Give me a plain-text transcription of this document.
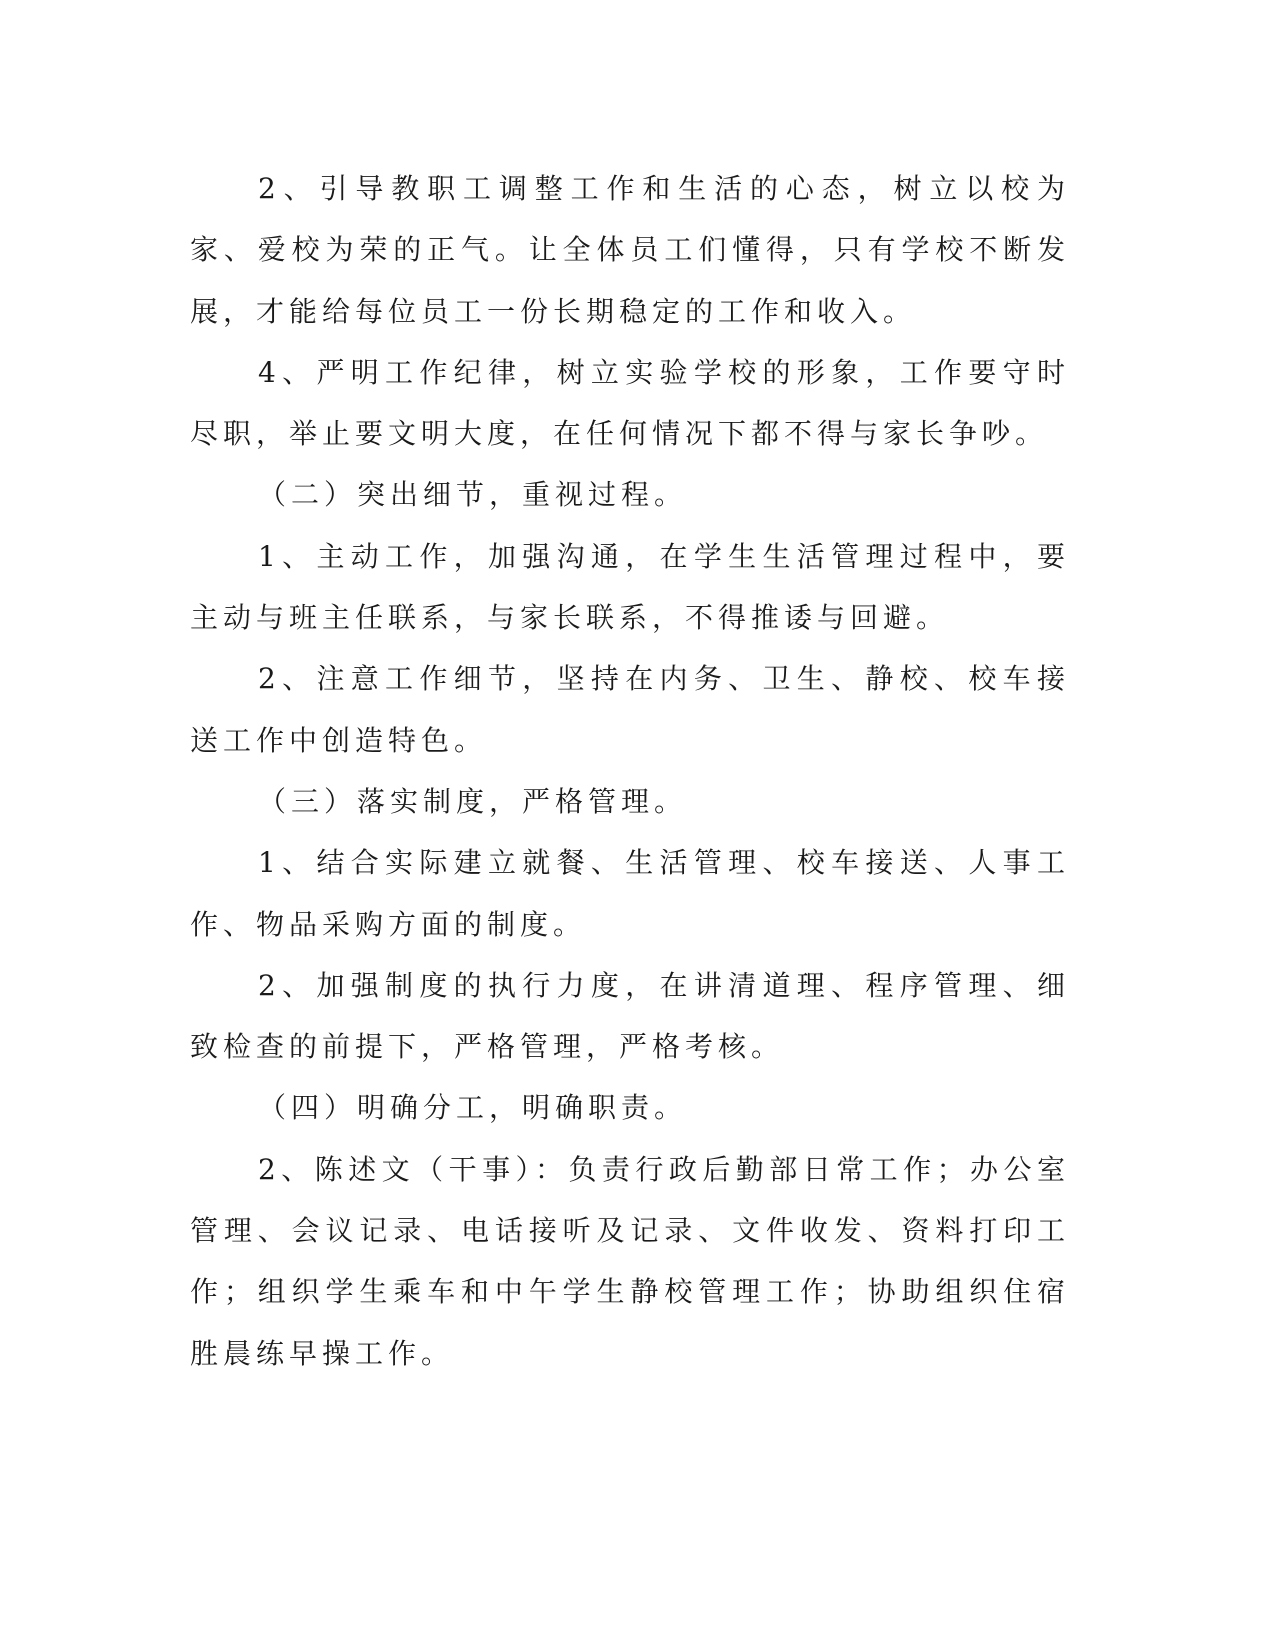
2、引导教职工调整工作和生活的心态，树立以校为家、爱校为荣的正气。让全体员工们懂得，只有学校不断发展，才能给每位员工一份长期稳定的工作和收入。

4、严明工作纪律，树立实验学校的形象，工作要守时尽职，举止要文明大度，在任何情况下都不得与家长争吵。

（二）突出细节，重视过程。

1、主动工作，加强沟通，在学生生活管理过程中，要主动与班主任联系，与家长联系，不得推诿与回避。

2、注意工作细节，坚持在内务、卫生、静校、校车接送工作中创造特色。

（三）落实制度，严格管理。

1、结合实际建立就餐、生活管理、校车接送、人事工作、物品采购方面的制度。

2、加强制度的执行力度，在讲清道理、程序管理、细致检查的前提下，严格管理，严格考核。

（四）明确分工，明确职责。

2、陈述文（干事）：负责行政后勤部日常工作；办公室管理、会议记录、电话接听及记录、文件收发、资料打印工作；组织学生乘车和中午学生静校管理工作；协助组织住宿胜晨练早操工作。
